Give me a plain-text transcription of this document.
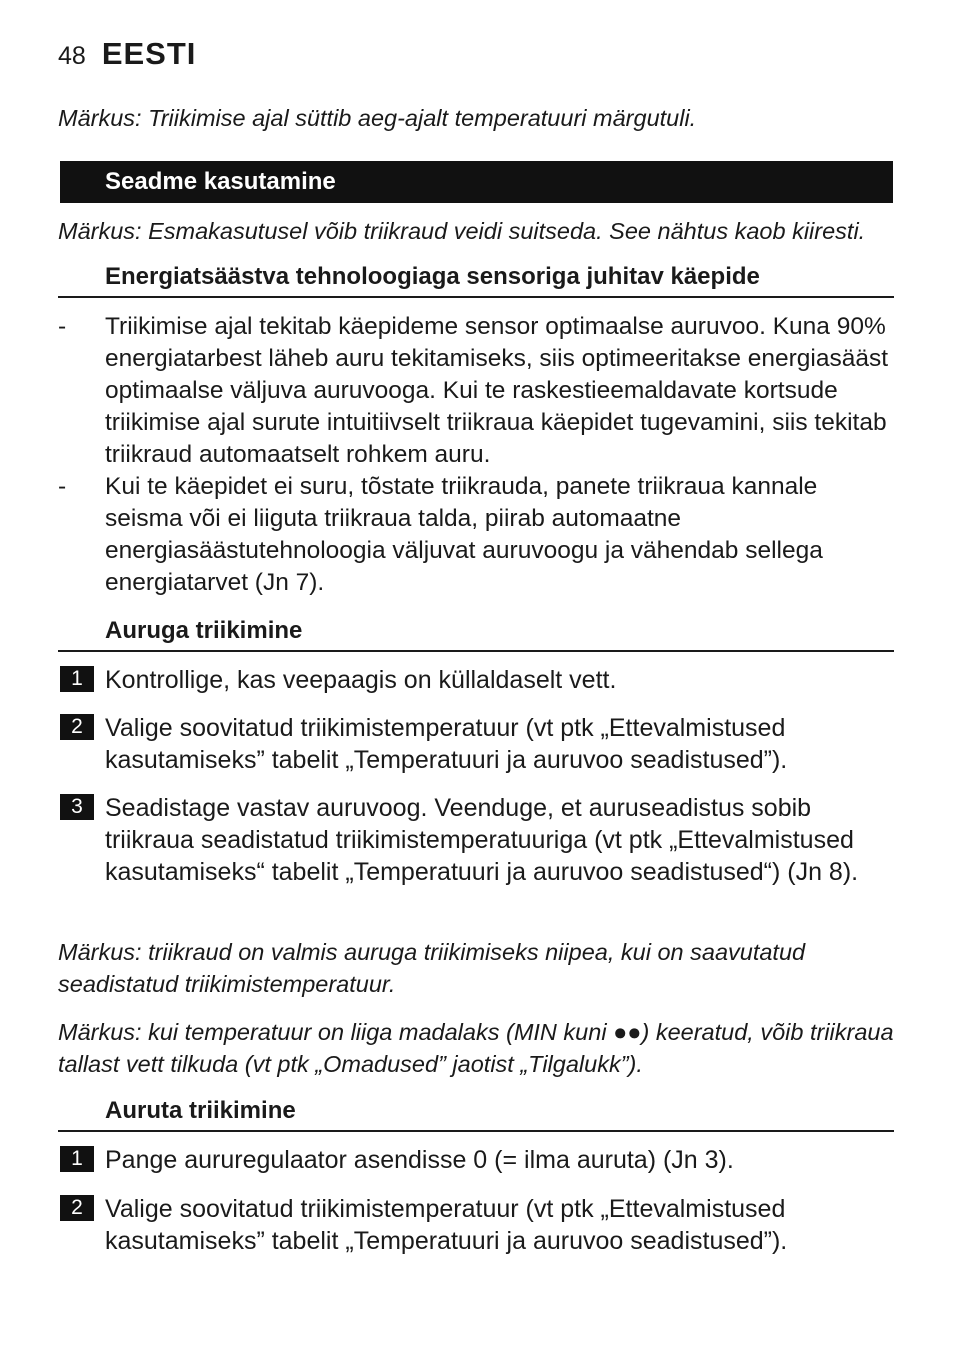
48 EESTI
Märkus: Triikimise ajal süttib aeg-ajalt temperatuuri märgutuli.
Seadme kasutamine
Märkus: Esmakasutusel võib triikraud veidi suitseda. See nähtus kaob kiiresti.
Energiatsäästva tehnoloogiaga sensoriga juhitav käepide
-	Triikimise ajal tekitab käepideme sensor optimaalse auruvoo. Kuna 90% energiatarbest läheb auru tekitamiseks, siis optimeeritakse energiasääst optimaalse väljuva auruvooga. Kui te raskestieemaldavate kortsude triikimise ajal surute intuitiivselt triikraua käepidet tugevamini, siis tekitab triikraud automaatselt rohkem auru.
-	Kui te käepidet ei suru, tõstate triikrauda, panete triikraua kannale seisma või ei liiguta triikraua talda, piirab automaatne energiasäästutehnoloogia väljuvat auruvoogu ja vähendab sellega energiatarvet (Jn 7).
Auruga triikimine
1 Kontrollige, kas veepaagis on küllaldaselt vett.
2 Valige soovitatud triikimistemperatuur (vt ptk „Ettevalmistused kasutamiseks” tabelit „Temperatuuri ja auruvoo seadistused”).
3 Seadistage vastav auruvoog. Veenduge, et auruseadistus sobib triikraua seadistatud triikimistemperatuuriga (vt ptk „Ettevalmistused kasutamiseks“ tabelit „Temperatuuri ja auruvoo seadistused“) (Jn 8).
Märkus: triikraud on valmis auruga triikimiseks niipea, kui on saavutatud seadistatud triikimistemperatuur.
Märkus: kui temperatuur on liiga madalaks (MIN kuni ●●) keeratud, võib triikraua tallast vett tilkuda (vt ptk „Omadused” jaotist „Tilgalukk”).
Auruta triikimine
1 Pange aururegulaator asendisse 0 (= ilma auruta) (Jn 3).
2 Valige soovitatud triikimistemperatuur (vt ptk „Ettevalmistused kasutamiseks” tabelit „Temperatuuri ja auruvoo seadistused”).
